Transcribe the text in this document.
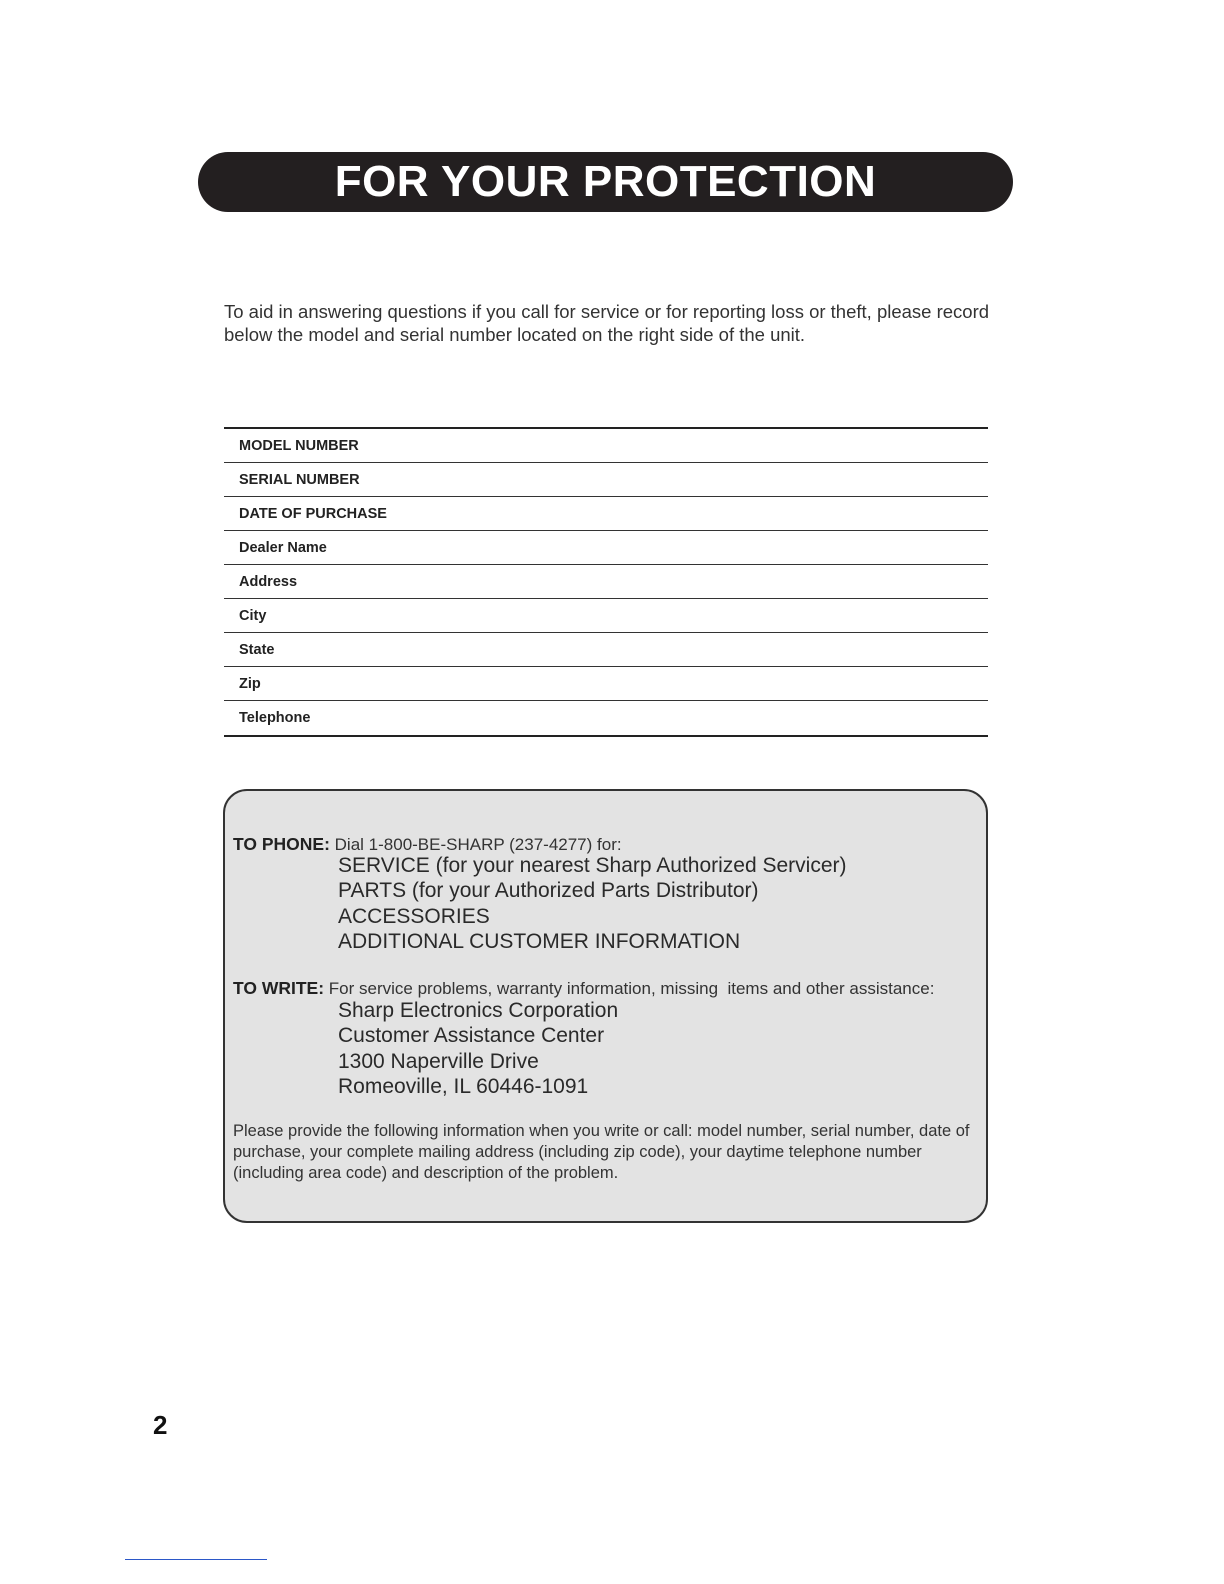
FOR YOUR PROTECTION
To aid in answering questions if you call for service or for reporting loss or theft, please record below the model and serial number located on the right side of the unit.
MODEL NUMBER
SERIAL NUMBER
DATE OF PURCHASE
Dealer Name
Address
City
State
Zip
Telephone
TO PHONE: Dial 1-800-BE-SHARP (237-4277) for:
SERVICE (for your nearest Sharp Authorized Servicer)
PARTS (for your Authorized Parts Distributor)
ACCESSORIES
ADDITIONAL CUSTOMER INFORMATION
TO WRITE: For service problems, warranty information, missing  items and other assistance:
Sharp Electronics Corporation
Customer Assistance Center
1300 Naperville Drive
Romeoville, IL 60446-1091
Please provide the following information when you write or call: model number, serial number, date of purchase, your complete mailing address (including zip code), your daytime telephone number (including area code) and description of the problem.
2
